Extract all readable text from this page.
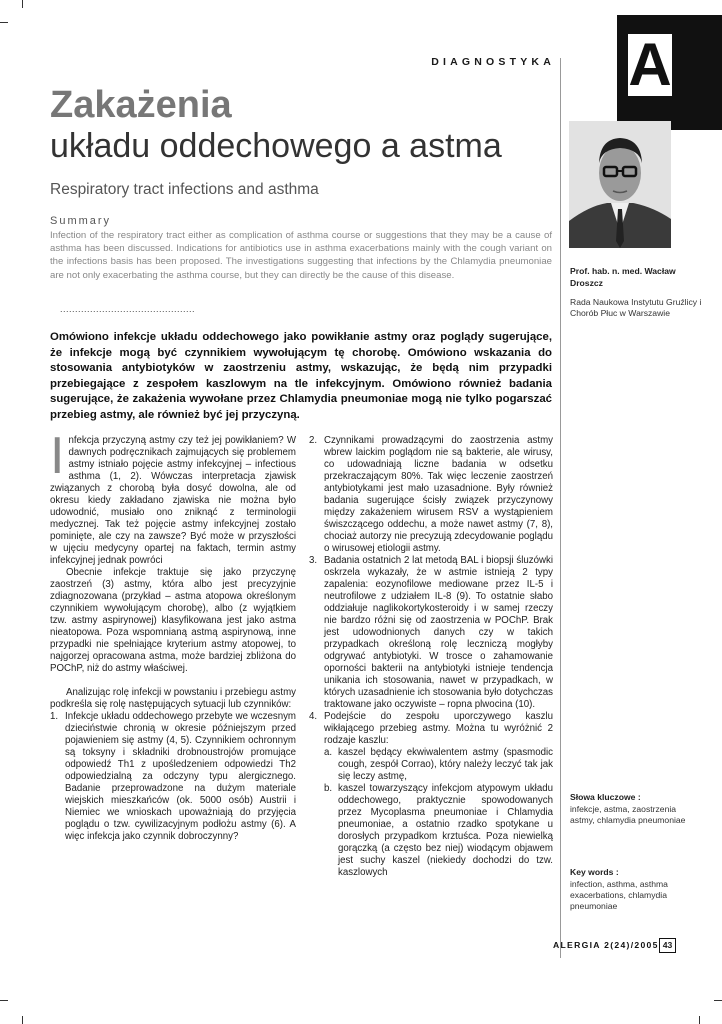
DIAGNOSTYKA A
Zakażenia
układu oddechowego a astma
Respiratory tract infections and asthma
Summary
Infection of the respiratory tract either as complication of asthma course or suggestions that they may be a cause of asthma has been discussed. Indications for antibiotics use in asthma exacerbations mainly with the cough variant on the infections basis has been proposed. The investigations suggesting that infections by the Chlamydia pneumoniae are not only exacerbating the asthma course, but they can directly be the cause of this disease.
.............................................
Omówiono infekcje układu oddechowego jako powikłanie astmy oraz poglądy sugerujące, że infekcje mogą być czynnikiem wywołującym tę chorobę. Omówiono wskazania do stosowania antybiotyków w zaostrzeniu astmy, wskazując, że będą nim przypadki przebiegające z zespołem kaszlowym na tle infekcyjnym. Omówiono również badania sugerujące, że zakażenia wywołane przez Chlamydia pneumoniae mogą nie tylko pogarszać przebieg astmy, ale również być jej przyczyną.
Prof. hab. n. med. Wacław Droszcz
Rada Naukowa Instytutu Gruźlicy i Chorób Płuc w Warszawie

Infekcja przyczyną astmy czy też jej powikłaniem? W dawnych podręcznikach zajmujących się problemem astmy istniało pojęcie astmy infekcyjnej – infectious asthma (1, 2). Wówczas interpretacja zjawisk związanych z chorobą była dosyć dowolna, ale od okresu kiedy zakładano zjawiska nie można było udowodnić, musiało ono zniknąć z terminologii medycznej. Tak też pojęcie astmy infekcyjnej zostało pominięte, ale czy na zawsze? Być może w przyszłości w ujęciu medycyny opartej na faktach, termin astmy infekcyjnej jednak powróci

Obecnie infekcje traktuje się jako przyczynę zaostrzeń (3) astmy, która albo jest precyzyjnie zdiagnozowana (przykład – astma atopowa określonym czynnikiem wywołującym chorobę), albo (z wyjątkiem tzw. astmy aspirynowej) klasyfikowana jest jako astma nieatopowa. Poza wspomnianą astmą aspirynową, inne przypadki nie spełniające kryterium astmy atopowej, to najgorzej opracowana astma, może bardziej zbliżona do POChP, niż do astmy właściwej.

Analizując rolę infekcji w powstaniu i przebiegu astmy podkreśla się rolę następujących sytuacji lub czynników:

1. Infekcje układu oddechowego przebyte we wczesnym dzieciństwie chronią w okresie późniejszym przed pojawieniem się astmy (4, 5). Czynnikiem ochronnym są toksyny i składniki drobnoustrojów promujące odpowiedź Th1 z upośledzeniem odpowiedzi Th2 odpowiedzialną za odczyny typu alergicznego. Badanie przeprowadzone na dużym materiale wiejskich mieszkańców (ok. 5000 osób) Austrii i Niemiec we wnioskach upoważniają do przyjęcia poglądu o tzw. cywilizacyjnym podłożu astmy (6). A więc infekcja jako czynnik dobroczynny?
2. Czynnikami prowadzącymi do zaostrzenia astmy wbrew laickim poglądom nie są bakterie, ale wirusy, co udowadniają liczne badania w odsetku przekraczającym 80%. Tak więc leczenie zaostrzeń antybiotykami jest mało uzasadnione. Były również badania sugerujące ścisły związek przyczynowy między zakażeniem wirusem RSV a wystąpieniem świszczącego oddechu, a może nawet astmy (7, 8), chociaż autorzy nie precyzują zdecydowanie poglądu o wirusowej etiologii astmy.
3. Badania ostatnich 2 lat metodą BAL i biopsji śluzówki oskrzela wykazały, że w astmie istnieją 2 typy zapalenia: eozynofilowe mediowane przez IL-5 i neutrofilowe z udziałem IL-8 (9). To ostatnie słabo oddziałuje naglikokortykosteroidy i w samej rzeczy nie bardzo różni się od zaostrzenia w POChP. Brak jest udowodnionych danych czy w takich przypadkach określoną rolę leczniczą mogłyby odgrywać antybiotyki. W trosce o zahamowanie oporności bakterii na antybiotyki istnieje tendencja unikania ich stosowania, nawet w przypadkach, w których uzasadnienie ich stosowania było dotychczas traktowane jako oczywiste – ropna plwocina (10).
4. Podejście do zespołu uporczywego kaszlu wikłającego przebieg astmy. Można tu wyróżnić 2 rodzaje kaszlu:
a. kaszel będący ekwiwalentem astmy (spasmodic cough, zespół Corrao), który należy leczyć tak jak się leczy astmę,
b. kaszel towarzyszący infekcjom atypowym układu oddechowego, praktycznie spowodowanych przez Mycoplasma pneumoniae i Chlamydia pneumoniae, a ostatnio rzadko spotykane u dorosłych przypadkom krztuśca. Poza niewielką gorączką (a często bez niej) wiodącym objawem jest suchy kaszel (niekiedy dochodzi do tzw. kaszlowych
Słowa kluczowe :
infekcje, astma, zaostrzenia astmy, chlamydia pneumoniae
Key words :
infection, asthma, asthma exacerbations, chlamydia pneumoniae
ALERGIA 2(24)/2005 43
